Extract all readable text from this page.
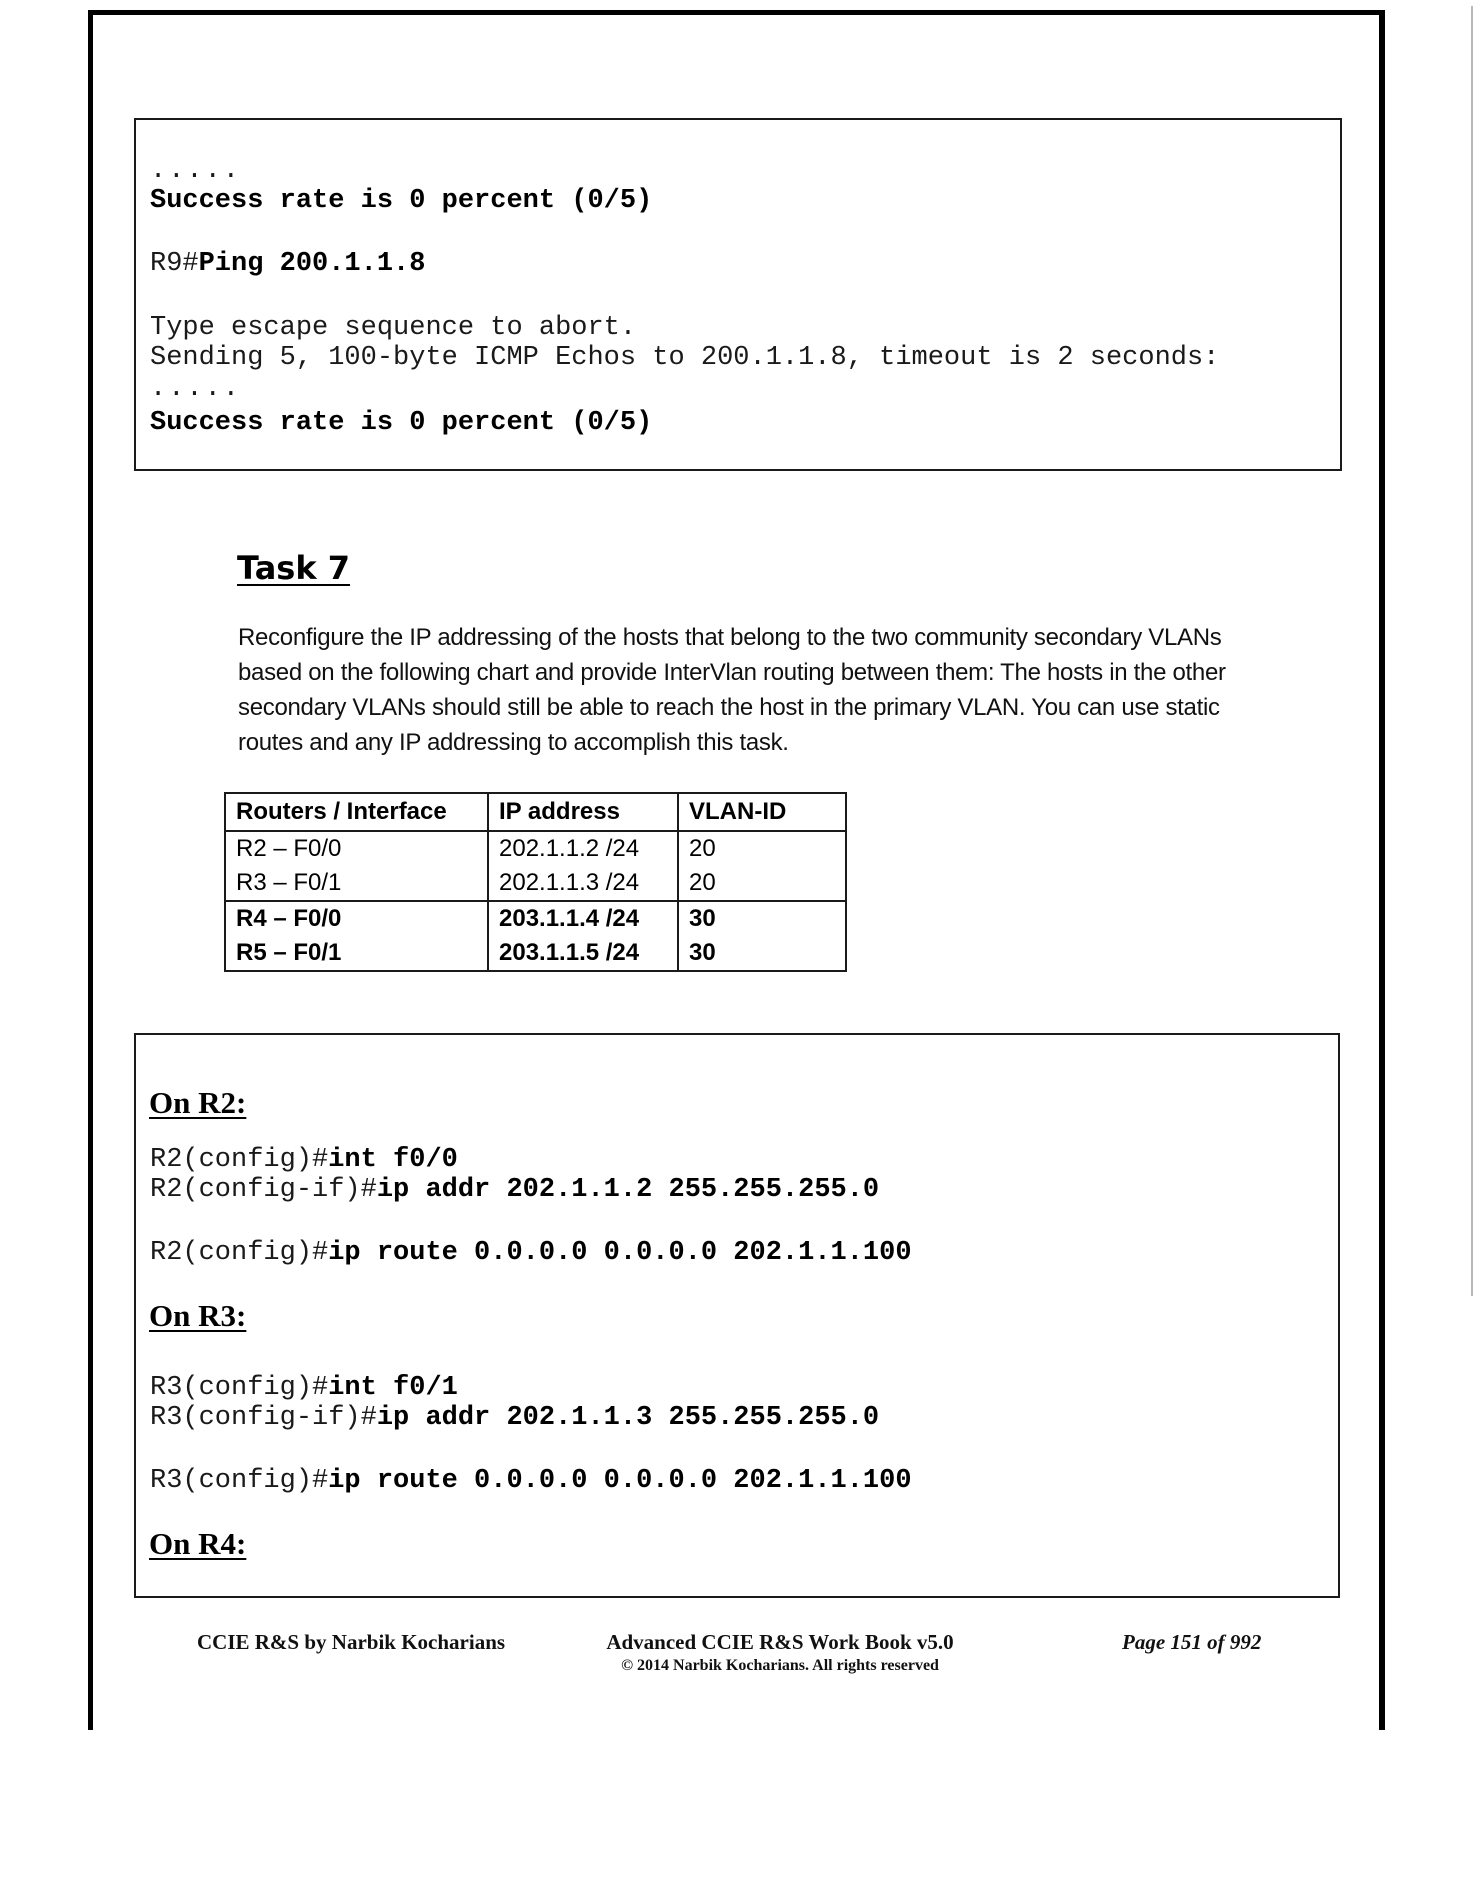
.....
Success rate is 0 percent (0/5)
R9#Ping 200.1.1.8
Type escape sequence to abort.
Sending 5, 100-byte ICMP Echos to 200.1.1.8, timeout is 2 seconds:
.....
Success rate is 0 percent (0/5)
Task 7
Reconfigure the IP addressing of the hosts that belong to the two community secondary VLANs based on the following chart and provide InterVlan routing between them: The hosts in the other secondary VLANs should still be able to reach the host in the primary VLAN. You can use static routes and any IP addressing to accomplish this task.
Routers / Interface	IP address	VLAN-ID
R2 – F0/0	202.1.1.2 /24	20
R3 – F0/1	202.1.1.3 /24	20
R4 – F0/0	203.1.1.4 /24	30
R5 – F0/1	203.1.1.5 /24	30
On R2:
R2(config)#int f0/0
R2(config-if)#ip addr 202.1.1.2 255.255.255.0
R2(config)#ip route 0.0.0.0 0.0.0.0 202.1.1.100
On R3:
R3(config)#int f0/1
R3(config-if)#ip addr 202.1.1.3 255.255.255.0
R3(config)#ip route 0.0.0.0 0.0.0.0 202.1.1.100
On R4:
CCIE R&S by Narbik Kocharians	Advanced CCIE R&S Work Book v5.0
© 2014 Narbik Kocharians. All rights reserved
Page 151 of 992
